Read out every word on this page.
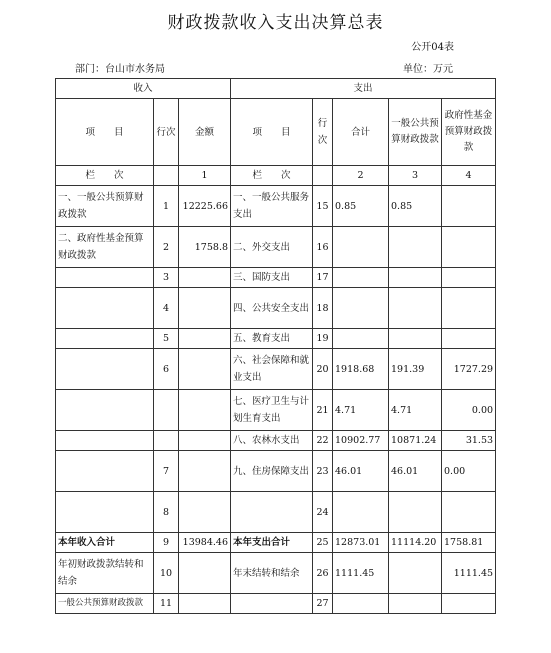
财政拨款收入支出决算总表
公开04表
部门：台山市水务局	单位：万元
收入			支出				
项　　目	行次	金额	项　　目	行次	合计	一般公共预算财政拨款	政府性基金预算财政拨款
栏　　次		1	栏　　次		2	3	4
一、一般公共预算财政拨款	1	12225.66	一、一般公共服务支出	15	0.85	0.85	
二、政府性基金预算财政拨款	2	1758.8	二、外交支出	16			
	3		三、国防支出	17			
	4		四、公共安全支出	18			
	5		五、教育支出	19			
	6		六、社会保障和就业支出	20	1918.68	191.39	1727.29
			七、医疗卫生与计划生育支出	21	4.71	4.71	0.00
			八、农林水支出	22	10902.77	10871.24	31.53
	7		九、住房保障支出	23	46.01	46.01	0.00
	8			24			
本年收入合计	9	13984.46	本年支出合计	25	12873.01	11114.20	1758.81
年初财政拨款结转和结余	10		年末结转和结余	26	1111.45		1111.45
一般公共预算财政拨款	11			27			
